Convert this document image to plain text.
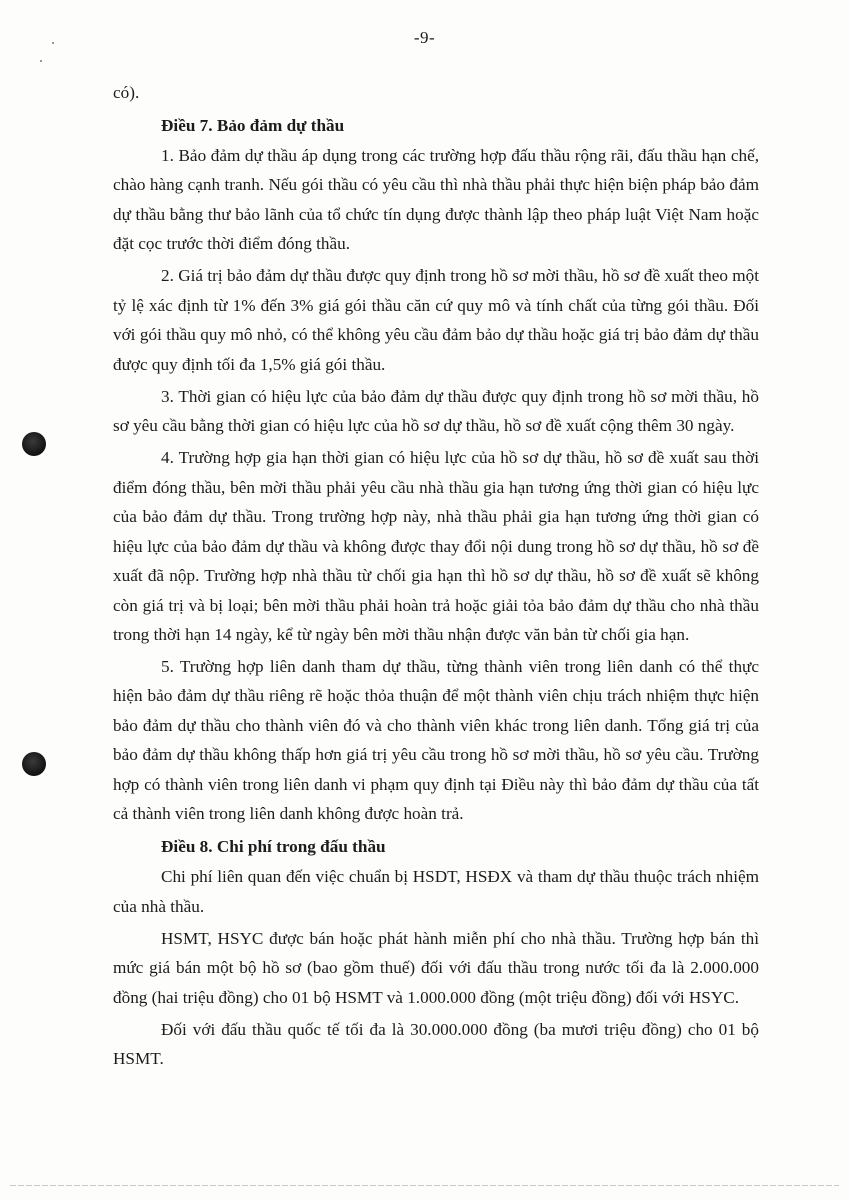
-9-

có).

Điều 7. Bảo đảm dự thầu

1. Bảo đảm dự thầu áp dụng trong các trường hợp đấu thầu rộng rãi, đấu thầu hạn chế, chào hàng cạnh tranh. Nếu gói thầu có yêu cầu thì nhà thầu phải thực hiện biện pháp bảo đảm dự thầu bằng thư bảo lãnh của tổ chức tín dụng được thành lập theo pháp luật Việt Nam hoặc đặt cọc trước thời điểm đóng thầu.

2. Giá trị bảo đảm dự thầu được quy định trong hồ sơ mời thầu, hồ sơ đề xuất theo một tỷ lệ xác định từ 1% đến 3% giá gói thầu căn cứ quy mô và tính chất của từng gói thầu. Đối với gói thầu quy mô nhỏ, có thể không yêu cầu đảm bảo dự thầu hoặc giá trị bảo đảm dự thầu được quy định tối đa 1,5% giá gói thầu.

3. Thời gian có hiệu lực của bảo đảm dự thầu được quy định trong hồ sơ mời thầu, hồ sơ yêu cầu bằng thời gian có hiệu lực của hồ sơ dự thầu, hồ sơ đề xuất cộng thêm 30 ngày.

4. Trường hợp gia hạn thời gian có hiệu lực của hồ sơ dự thầu, hồ sơ đề xuất sau thời điểm đóng thầu, bên mời thầu phải yêu cầu nhà thầu gia hạn tương ứng thời gian có hiệu lực của bảo đảm dự thầu. Trong trường hợp này, nhà thầu phải gia hạn tương ứng thời gian có hiệu lực của bảo đảm dự thầu và không được thay đổi nội dung trong hồ sơ dự thầu, hồ sơ đề xuất đã nộp. Trường hợp nhà thầu từ chối gia hạn thì hồ sơ dự thầu, hồ sơ đề xuất sẽ không còn giá trị và bị loại; bên mời thầu phải hoàn trả hoặc giải tỏa bảo đảm dự thầu cho nhà thầu trong thời hạn 14 ngày, kể từ ngày bên mời thầu nhận được văn bản từ chối gia hạn.

5. Trường hợp liên danh tham dự thầu, từng thành viên trong liên danh có thể thực hiện bảo đảm dự thầu riêng rẽ hoặc thỏa thuận để một thành viên chịu trách nhiệm thực hiện bảo đảm dự thầu cho thành viên đó và cho thành viên khác trong liên danh. Tổng giá trị của bảo đảm dự thầu không thấp hơn giá trị yêu cầu trong hồ sơ mời thầu, hồ sơ yêu cầu. Trường hợp có thành viên trong liên danh vi phạm quy định tại Điều này thì bảo đảm dự thầu của tất cả thành viên trong liên danh không được hoàn trả.

Điều 8. Chi phí trong đấu thầu

Chi phí liên quan đến việc chuẩn bị HSDT, HSĐX và tham dự thầu thuộc trách nhiệm của nhà thầu.

HSMT, HSYC được bán hoặc phát hành miễn phí cho nhà thầu. Trường hợp bán thì mức giá bán một bộ hồ sơ (bao gồm thuế) đối với đấu thầu trong nước tối đa là 2.000.000 đồng (hai triệu đồng) cho 01 bộ HSMT và 1.000.000 đồng (một triệu đồng) đối với HSYC.

Đối với đấu thầu quốc tế tối đa là 30.000.000 đồng (ba mươi triệu đồng) cho 01 bộ HSMT.
